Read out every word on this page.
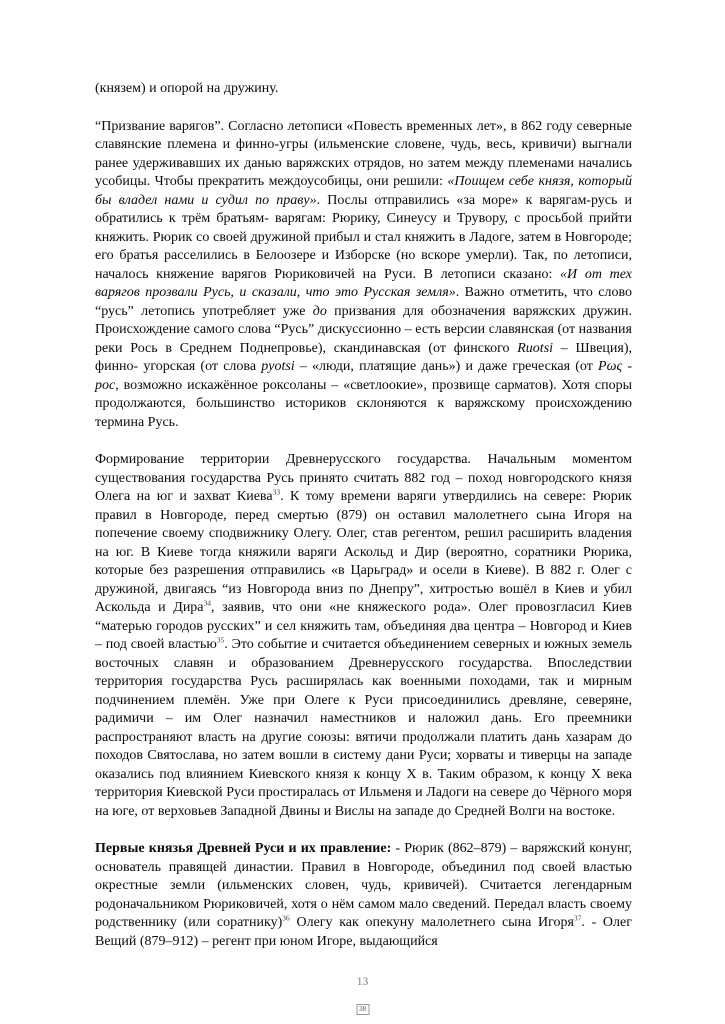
(князем) и опорой на дружину.

“Призвание варягов”. Согласно летописи «Повесть временных лет», в 862 году северные славянские племена и финно-угры (ильменские словене, чудь, весь, кривичи) выгнали ранее удерживавших их данью варяжских отрядов, но затем между племенами начались усобицы. Чтобы прекратить междоусобицы, они решили: «Поищем себе князя, который бы владел нами и судил по праву». Послы отправились «за море» к варягам-русь и обратились к трём братьям- варягам: Рюрику, Синеусу и Трувору, с просьбой прийти княжить. Рюрик со своей дружиной прибыл и стал княжить в Ладоге, затем в Новгороде; его братья расселились в Белоозере и Изборске (но вскоре умерли). Так, по летописи, началось княжение варягов Рюриковичей на Руси. В летописи сказано: «И от тех варягов прозвали Русь, и сказали, что это Русская земля». Важно отметить, что слово “русь” летопись употребляет уже до призвания для обозначения варяжских дружин. Происхождение самого слова “Русь” дискуссионно – есть версии славянская (от названия реки Рось в Среднем Поднепровье), скандинавская (от финского Ruotsi – Швеция), финно- угорская (от слова pyotsi – «люди, платящие дань») и даже греческая (от Ρως - рос, возможно искажённое роксоланы – «светлоокие», прозвище сарматов). Хотя споры продолжаются, большинство историков склоняются к варяжскому происхождению термина Русь.

Формирование территории Древнерусского государства. Начальным моментом существования государства Русь принято считать 882 год – поход новгородского князя Олега на юг и захват Киева$^{33}$. К тому времени варяги утвердились на севере: Рюрик правил в Новгороде, перед смертью (879) он оставил малолетнего сына Игоря на попечение своему сподвижнику Олегу. Олег, став регентом, решил расширить владения на юг. В Киеве тогда княжили варяги Аскольд и Дир (вероятно, соратники Рюрика, которые без разрешения отправились «в Царьград» и осели в Киеве). В 882 г. Олег с дружиной, двигаясь “из Новгорода вниз по Днепру”, хитростью вошёл в Киев и убил Аскольда и Дира$^{34}$, заявив, что они «не княжеского рода». Олег провозгласил Киев “матерью городов русских” и сел княжить там, объединяя два центра – Новгород и Киев – под своей властью$^{35}$. Это событие и считается объединением северных и южных земель восточных славян и образованием Древнерусского государства. Впоследствии территория государства Русь расширялась как военными походами, так и мирным подчинением племён. Уже при Олеге к Руси присоединились древляне, северяне, радимичи – им Олег назначил наместников и наложил дань. Его преемники распространяют власть на другие союзы: вятичи продолжали платить дань хазарам до походов Святослава, но затем вошли в систему дани Руси; хорваты и тиверцы на западе оказались под влиянием Киевского князя к концу X в. Таким образом, к концу X века территория Киевской Руси простиралась от Ильменя и Ладоги на севере до Чёрного моря на юге, от верховьев Западной Двины и Вислы на западе до Средней Волги на востоке.

Первые князья Древней Руси и их правление: - Рюрик (862–879) – варяжский конунг, основатель правящей династии. Правил в Новгороде, объединил под своей властью окрестные земли (ильменских словен, чудь, кривичей). Считается легендарным родоначальником Рюриковичей, хотя о нём самом мало сведений. Передал власть своему родственнику (или соратнику)$^{36}$ Олегу как опекуну малолетнего сына Игоря$^{37}$. - Олег Вещий (879–912) – регент при юном Игоре, выдающийся

13
38
